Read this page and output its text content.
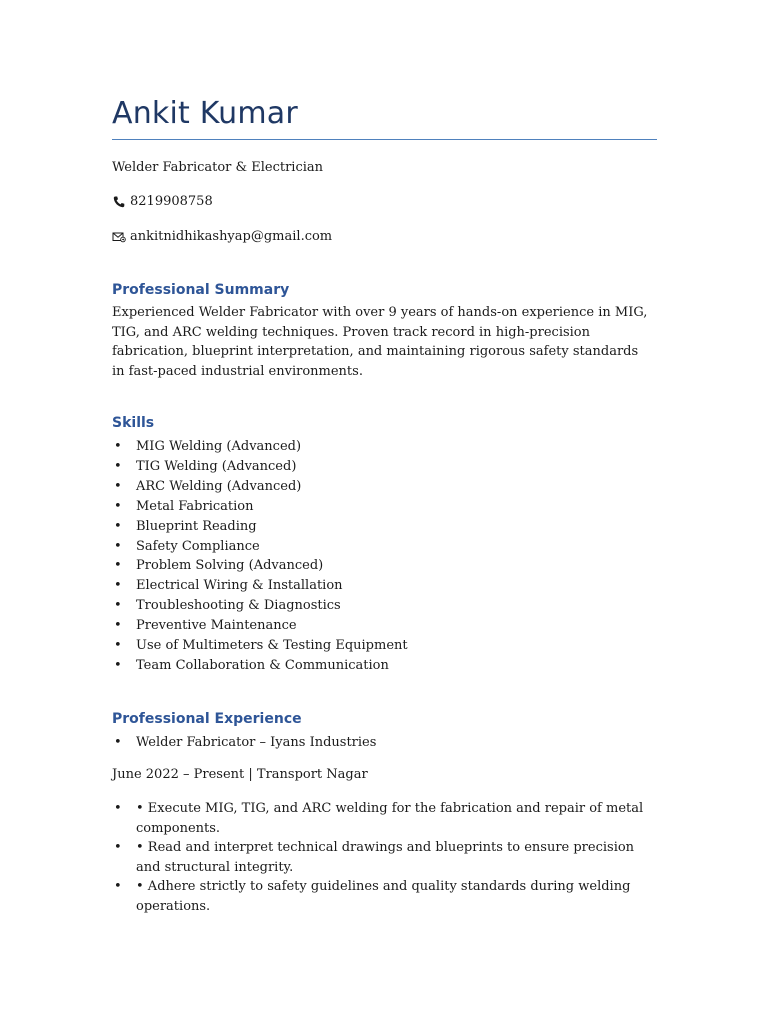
Ankit Kumar
Welder Fabricator & Electrician
8219908758
ankitnidhikashyap@gmail.com
Professional Summary
Experienced Welder Fabricator with over 9 years of hands-on experience in MIG, TIG, and ARC welding techniques. Proven track record in high-precision fabrication, blueprint interpretation, and maintaining rigorous safety standards in fast-paced industrial environments.
Skills
• MIG Welding (Advanced)
• TIG Welding (Advanced)
• ARC Welding (Advanced)
• Metal Fabrication
• Blueprint Reading
• Safety Compliance
• Problem Solving (Advanced)
• Electrical Wiring & Installation
• Troubleshooting & Diagnostics
• Preventive Maintenance
• Use of Multimeters & Testing Equipment
• Team Collaboration & Communication
Professional Experience
• Welder Fabricator – Iyans Industries
June 2022 – Present | Transport Nagar
• • Execute MIG, TIG, and ARC welding for the fabrication and repair of metal components.
• • Read and interpret technical drawings and blueprints to ensure precision and structural integrity.
• • Adhere strictly to safety guidelines and quality standards during welding operations.
